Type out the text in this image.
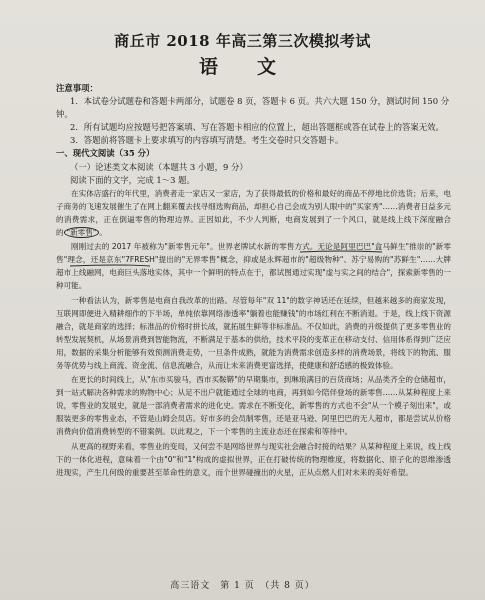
商丘市 2018 年高三第三次模拟考试
语　文
注意事项：
1．本试卷分试题卷和答题卡两部分，试题卷 8 页，答题卡 6 页。共六大题 150 分，测试时间 150 分钟。
2．所有试题均应按题号把答案填、写在答题卡相应的位置上，超出答题框或答在试卷上的答案无效。
3．答题前将答题卡上要求填写的内容填写清楚。考生交卷时只交答题卡。
一、现代文阅读（35 分）
（一）论述类文本阅读（本题共 3 小题，9 分）
阅读下面的文字，完成 1～3 题。
在实体店盛行的年代里，消费者走一家店又一家店，为了获得最低的价格和最好的商品不停地比价选货；后来，电子商务的飞速发展催生了在网上翻来覆去找寻细选购商品，却担心自己会成为别人眼中的"买家秀"……消费者日益多元的消费需求，正在倒逼零售的物理边界。正因如此，不少人判断，电商发展到了一个风口，就是线上线下深度融合的 "新零售" 。
刚刚过去的 2017 年被称为"新零售元年"。世界老牌试水新的零售方式。无论是阿里巴巴"盒马鲜生"推崇的"新零售"理念，还是京东"7FRESH"提出的"无界零售"概念，抑或是永辉超市的"超级物种"、苏宁易购的"苏鲜生"……大牌超市上线融网，电商巨头落地实体，其中一个鲜明的特点在于，都试图通过实现"虚与实之间的结合"，探索新零售的一种可能。
一种看法认为，新零售是电商自我改革的出路。尽管每年"双 11"的数字神话还在延续，但越来越多的商家发现，互联网即便进入精耕细作的下半场，单纯依靠网络渗透率"躺着也能赚钱"的市场红利在不断消退。于是，线上线下资源融合，就是商家的选择；标准品的价格时拼长战，就拓展生鲜等非标准品。不仅如此，消费的升级提供了更多零售业的转型发展契机，从场景消费到智能物流，不断满足于基本的供给，技术平段的变革正在移动支付、信用体系得到广泛应用，数据的采集分析能够有效预测消费走势，一旦条件成熟，就能为消费需求创造多样的消费场景，将线下的物流、服务等优势与线上商流、资金流、信息流融合，从而让未来消费更富选择，使健康和舒适感的极致体验。
在更长的时间线上，从"东市买骏马，西市买鞍鞯"的早期集市，到琳琅满目的百货商场；从品类齐全的仓储超市，到一站式解决各种需求的购物中心；从足不出户就能通过全球的电商，再到如今陪伴登场的新零售……从某种程度上来说，零售业的发展史，就是一部消费者需求的进化史。需求在不断变化，新零售的方式也不会"从一个模子刻出来"，或服装更多的零售业态，不管是山姆会员店。好市多的会员制零售，还是亚马逊、阿里巴巴的无人超市，都是尝试从价格消费向价值消费转型的不错案例。以此观之，下一个零售的主流业态还在探索和等待中。
从更高的视野来看，零售业的变局，又何尝不是网络世界与现实社会融合时接的结果？从某种程度上来说，线上线下的一体化进程，意味着一个由"0"和"1"构成的虚拟世界，正在打破传统的物理维度，将数据化、原子化的思维渗透进现实，产生几何级的重要甚至革命性的意义，而个世界碰撞出的火星，正从点燃人们对未来的美好希望。
高三语文　第 1 页　（共 8 页）
